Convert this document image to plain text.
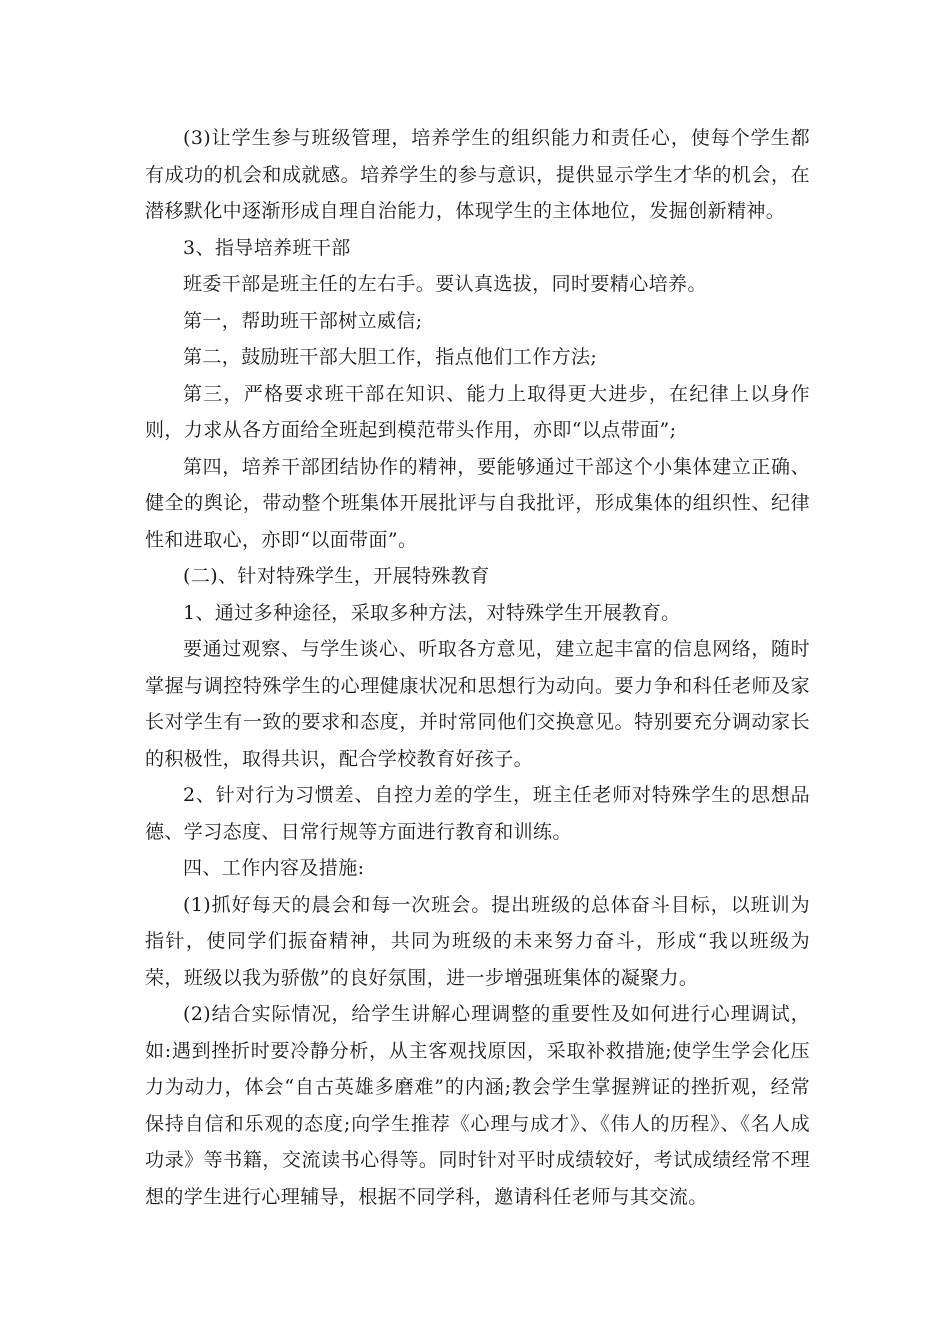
(3)让学生参与班级管理，培养学生的组织能力和责任心，使每个学生都有成功的机会和成就感。培养学生的参与意识，提供显示学生才华的机会，在潜移默化中逐渐形成自理自治能力，体现学生的主体地位，发掘创新精神。

3、指导培养班干部

班委干部是班主任的左右手。要认真选拔，同时要精心培养。

第一，帮助班干部树立威信;

第二，鼓励班干部大胆工作，指点他们工作方法;

第三，严格要求班干部在知识、能力上取得更大进步，在纪律上以身作则，力求从各方面给全班起到模范带头作用，亦即“以点带面”;

第四，培养干部团结协作的精神，要能够通过干部这个小集体建立正确、健全的舆论，带动整个班集体开展批评与自我批评，形成集体的组织性、纪律性和进取心，亦即“以面带面”。

(二)、针对特殊学生，开展特殊教育

1、通过多种途径，采取多种方法，对特殊学生开展教育。

要通过观察、与学生谈心、听取各方意见，建立起丰富的信息网络，随时掌握与调控特殊学生的心理健康状况和思想行为动向。要力争和科任老师及家长对学生有一致的要求和态度，并时常同他们交换意见。特别要充分调动家长的积极性，取得共识，配合学校教育好孩子。

2、针对行为习惯差、自控力差的学生，班主任老师对特殊学生的思想品德、学习态度、日常行规等方面进行教育和训练。

四、工作内容及措施:

(1)抓好每天的晨会和每一次班会。提出班级的总体奋斗目标，以班训为指针，使同学们振奋精神，共同为班级的未来努力奋斗，形成“我以班级为荣，班级以我为骄傲”的良好氛围，进一步增强班集体的凝聚力。

(2)结合实际情况，给学生讲解心理调整的重要性及如何进行心理调试，如:遇到挫折时要冷静分析，从主客观找原因，采取补救措施;使学生学会化压力为动力，体会“自古英雄多磨难”的内涵;教会学生掌握辨证的挫折观，经常保持自信和乐观的态度;向学生推荐《心理与成才》、《伟人的历程》、《名人成功录》等书籍，交流读书心得等。同时针对平时成绩较好，考试成绩经常不理想的学生进行心理辅导，根据不同学科，邀请科任老师与其交流。
